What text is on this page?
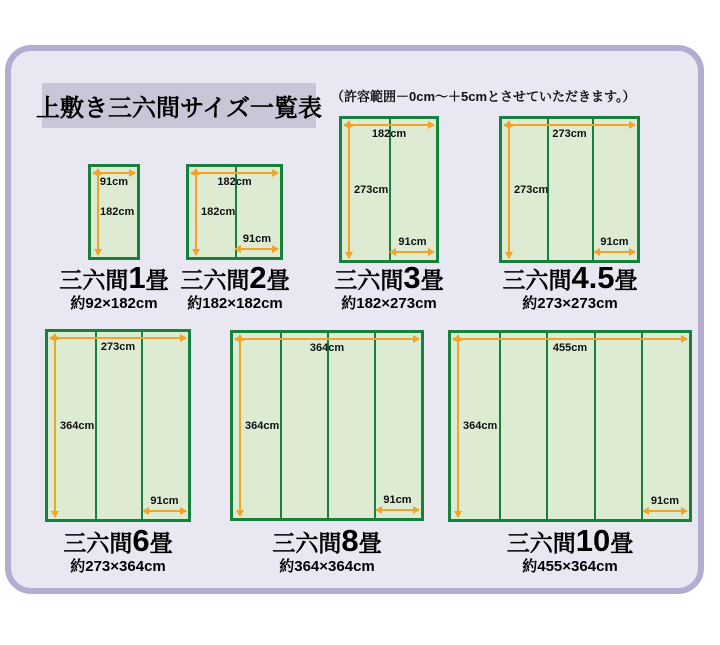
上敷き三六間サイズ一覧表 （許容範囲－0cm～＋5cmとさせていただきます。）
91cm
182cm
三六間1畳
約92×182cm
182cm
182cm
91cm
三六間2畳
約182×182cm
182cm
273cm
91cm
三六間3畳
約182×273cm
273cm
273cm
91cm
三六間4.5畳
約273×273cm
273cm
364cm
91cm
三六間6畳
約273×364cm
364cm
364cm
91cm
三六間8畳
約364×364cm
455cm
364cm
91cm
三六間10畳
約455×364cm
